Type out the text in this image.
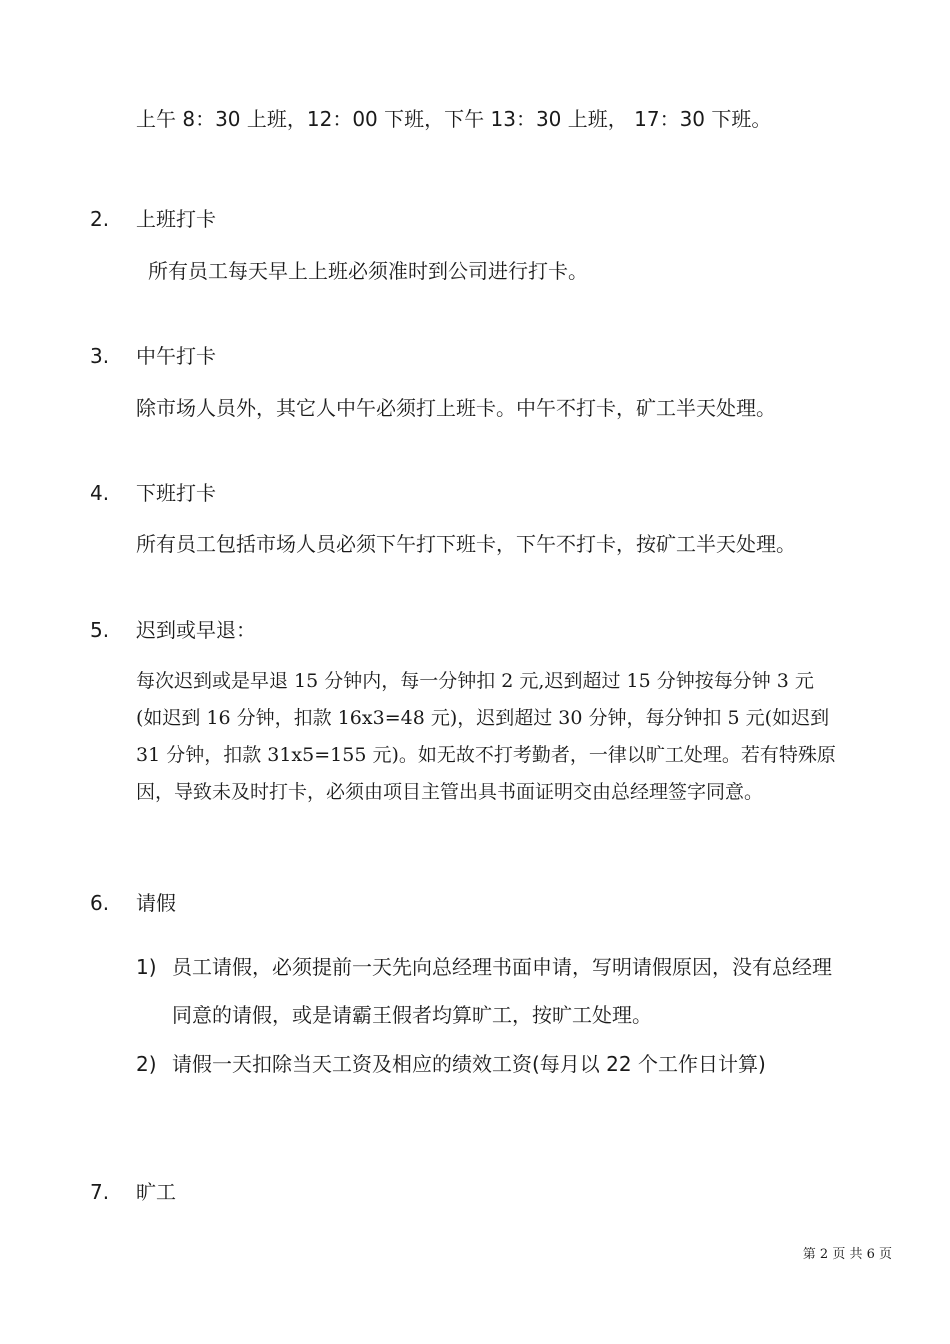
上午 8：30 上班，12：00 下班，下午 13：30 上班， 17：30 下班。
2.	上班打卡
所有员工每天早上上班必须准时到公司进行打卡。
3.	中午打卡
除市场人员外，其它人中午必须打上班卡。中午不打卡，矿工半天处理。
4.	下班打卡
所有员工包括市场人员必须下午打下班卡，下午不打卡，按矿工半天处理。
5.	迟到或早退：
每次迟到或是早退 15 分钟内，每一分钟扣 2 元,迟到超过 15 分钟按每分钟 3 元
(如迟到 16 分钟，扣款 16x3=48 元)，迟到超过 30 分钟，每分钟扣 5 元(如迟到
31 分钟，扣款 31x5=155 元)。如无故不打考勤者，一律以旷工处理。若有特殊原
因，导致未及时打卡，必须由项目主管出具书面证明交由总经理签字同意。
6.	请假
1) 员工请假，必须提前一天先向总经理书面申请，写明请假原因，没有总经理
同意的请假，或是请霸王假者均算旷工，按旷工处理。
2) 请假一天扣除当天工资及相应的绩效工资(每月以 22 个工作日计算)
7.	旷工
第 2 页 共 6 页
